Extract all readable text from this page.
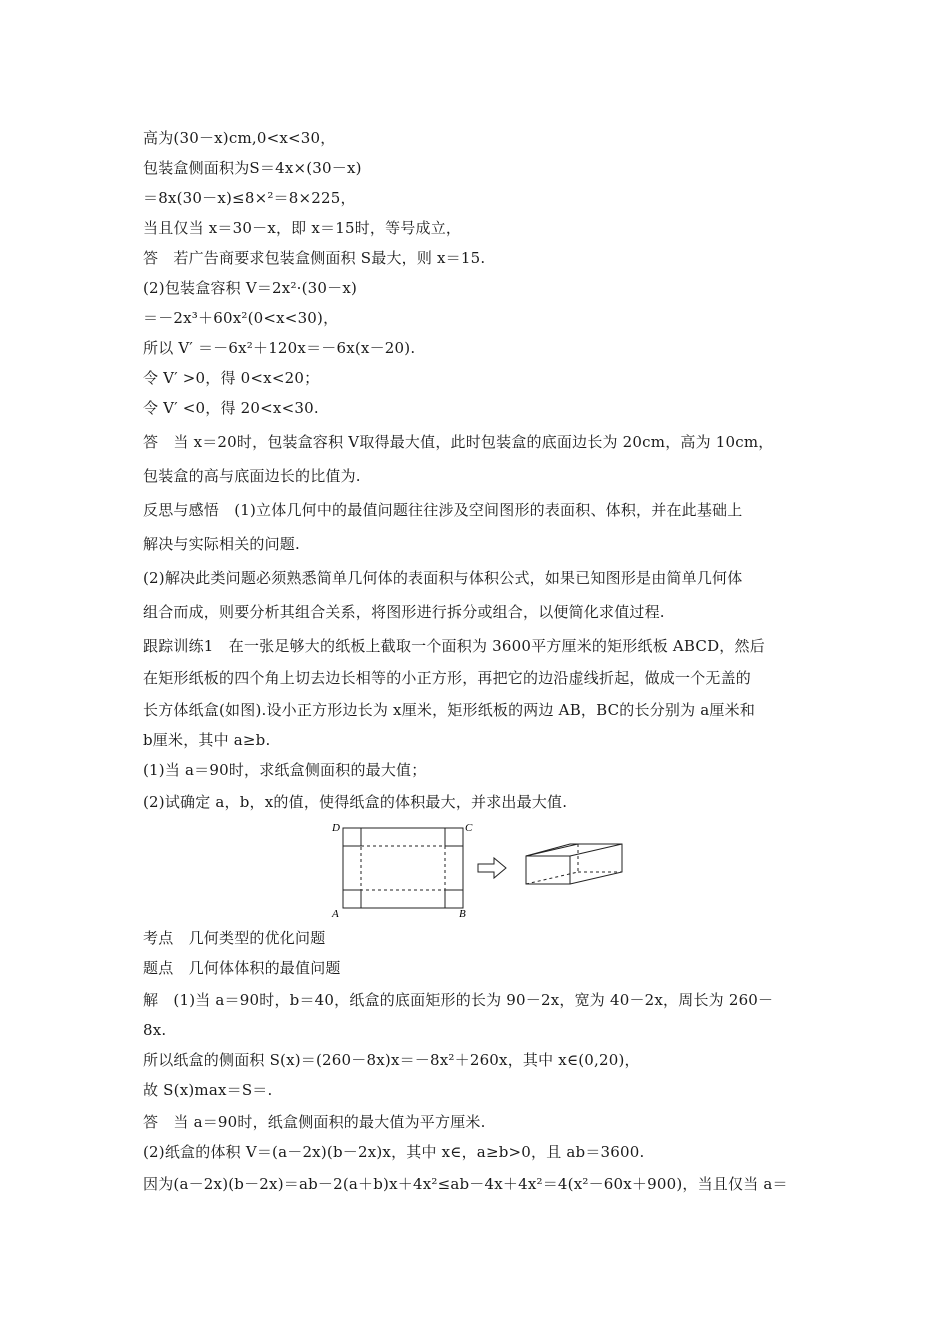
高为(30－x)cm,0<x<30，
包装盒侧面积为S＝4x×(30－x)
＝8x(30－x)≤8×²＝8×225，
当且仅当 x＝30－x，即 x＝15时，等号成立，
答　若广告商要求包装盒侧面积 S最大，则 x＝15.
(2)包装盒容积 V＝2x²·(30－x)
＝－2x³＋60x²(0<x<30)，
所以 V′ ＝－6x²＋120x＝－6x(x－20).
令 V′ >0，得 0<x<20；
令 V′ <0，得 20<x<30.
答　当 x＝20时，包装盒容积 V取得最大值，此时包装盒的底面边长为 20cm，高为 10cm，
包装盒的高与底面边长的比值为.
反思与感悟　(1)立体几何中的最值问题往往涉及空间图形的表面积、体积，并在此基础上
解决与实际相关的问题.
(2)解决此类问题必须熟悉简单几何体的表面积与体积公式，如果已知图形是由简单几何体
组合而成，则要分析其组合关系，将图形进行拆分或组合，以便简化求值过程.
跟踪训练1　在一张足够大的纸板上截取一个面积为 3600平方厘米的矩形纸板 ABCD，然后
在矩形纸板的四个角上切去边长相等的小正方形，再把它的边沿虚线折起，做成一个无盖的
长方体纸盒(如图).设小正方形边长为 x厘米，矩形纸板的两边 AB，BC的长分别为 a厘米和
b厘米，其中 a≥b.
(1)当 a＝90时，求纸盒侧面积的最大值；
(2)试确定 a，b，x的值，使得纸盒的体积最大，并求出最大值.
考点　几何类型的优化问题
题点　几何体体积的最值问题
解　(1)当 a＝90时，b＝40，纸盒的底面矩形的长为 90－2x，宽为 40－2x，周长为 260－
8x.
所以纸盒的侧面积 S(x)＝(260－8x)x＝－8x²＋260x，其中 x∈(0,20)，
故 S(x)max＝S＝.
答　当 a＝90时，纸盒侧面积的最大值为平方厘米.
(2)纸盒的体积 V＝(a－2x)(b－2x)x，其中 x∈，a≥b>0，且 ab＝3600.
因为(a－2x)(b－2x)＝ab－2(a＋b)x＋4x²≤ab－4x＋4x²＝4(x²－60x＋900)，当且仅当 a＝
D	C
A	B
